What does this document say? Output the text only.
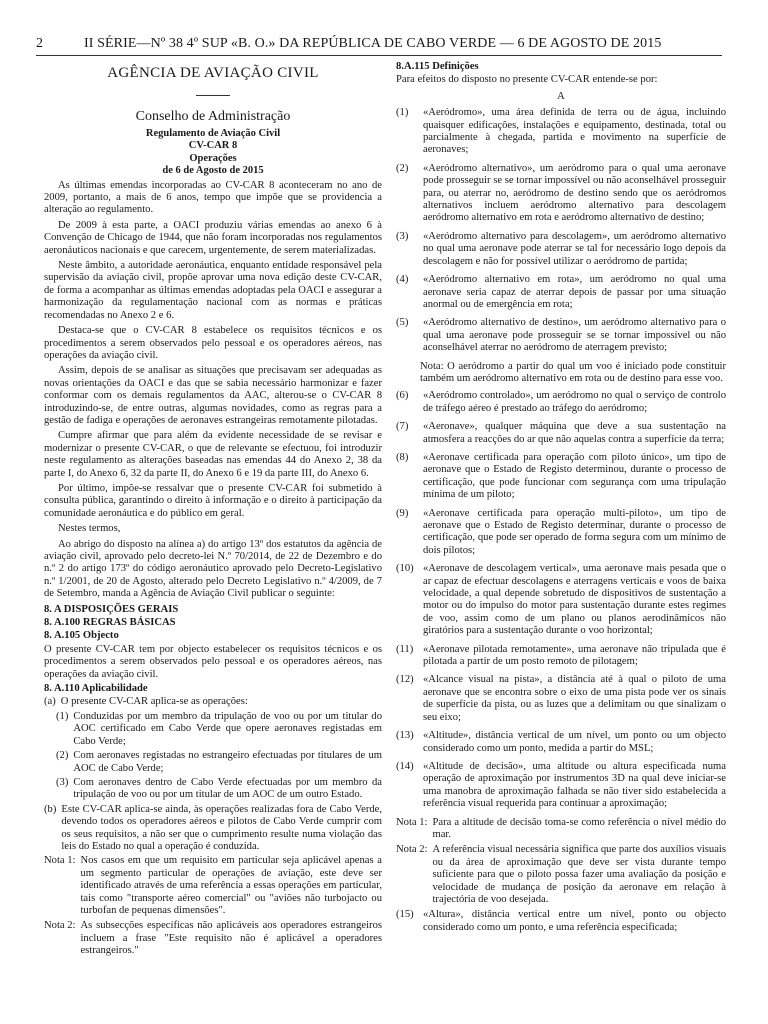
2	II SÉRIE—Nº 38 4º SUP «B. O.» DA REPÚBLICA DE CABO VERDE — 6 DE AGOSTO DE 2015
AGÊNCIA DE AVIAÇÃO CIVIL
Conselho de Administração
Regulamento de Aviação Civil
CV-CAR 8
Operações
de 6 de Agosto de 2015

As últimas emendas incorporadas ao CV-CAR 8 aconteceram no ano de 2009, portanto, a mais de 6 anos, tempo que impõe que se providencia a alteração ao regulamento.

De 2009 à esta parte, a OACI produziu várias emendas ao anexo 6 à Convenção de Chicago de 1944, que não foram incorporadas nos regulamentos aeronáuticos nacionais e que carecem, urgentemente, de serem materializadas.

Neste âmbito, a autoridade aeronáutica, enquanto entidade responsável pela supervisão da aviação civil, propõe aprovar uma nova edição deste CV-CAR, de forma a acompanhar as últimas emendas adoptadas pela OACI e assegurar a harmonização da regulamentação nacional com as normas e práticas recomendadas no Anexo 2 e 6.

Destaca-se que o CV-CAR 8 estabelece os requisitos técnicos e os procedimentos a serem observados pelo pessoal e os operadores aéreos, nas operações da aviação civil.

Assim, depois de se analisar as situações que precisavam ser adequadas as novas orientações da OACI e das que se sabia necessário harmonizar e fazer conformar com os demais regulamentos da AAC, alterou-se o CV-CAR 8 introduzindo-se, de entre outras, algumas novidades, como as regras para a gestão de fadiga e operações de aeronaves estrangeiras remotamente pilotadas.

Cumpre afirmar que para além da evidente necessidade de se revisar e modernizar o presente CV-CAR, o que de relevante se efectuou, foi introduzir neste regulamento as alterações baseadas nas emendas 44 do Anexo 2, 38 da parte I, do Anexo 6, 32 da parte II, do Anexo 6 e 19 da parte III, do Anexo 6.

Por último, impõe-se ressalvar que o presente CV-CAR foi submetido à consulta pública, garantindo o direito à informação e o direito à participação da comunidade aeronáutica e do público em geral.

Nestes termos,

Ao abrigo do disposto na alínea a) do artigo 13º dos estatutos da agência de aviação civil, aprovado pelo decreto-lei N.º 70/2014, de 22 de Dezembro e do n.º 2 do artigo 173º do código aeronáutico aprovado pelo Decreto-Legislativo n.º 1/2001, de 20 de Agosto, alterado pelo Decreto Legislativo n.º 4/2009, de 7 de Setembro, manda a Agência de Aviação Civil publicar o seguinte:

8. A DISPOSIÇÕES GERAIS
8. A.100 REGRAS BÁSICAS
8. A.105 Objecto

O presente CV-CAR tem por objecto estabelecer os requisitos técnicos e os procedimentos a serem observados pelo pessoal e os operadores aéreos, nas operações da aviação civil.

8. A.110 Aplicabilidade
(a) O presente CV-CAR aplica-se as operações:
(1) Conduzidas por um membro da tripulação de voo ou por um titular do AOC certificado em Cabo Verde que opere aeronaves registadas em Cabo Verde;
(2) Com aeronaves registadas no estrangeiro efectuadas por titulares de um AOC de Cabo Verde;
(3) Com aeronaves dentro de Cabo Verde efectuadas por um membro da tripulação de voo ou por um titular de um AOC de um outro Estado.
(b) Este CV-CAR aplica-se ainda, às operações realizadas fora de Cabo Verde, devendo todos os operadores aéreos e pilotos de Cabo Verde cumprir com os seus requisitos, a não ser que o cumprimento resulte numa violação das leis do Estado no qual a operação é conduzida.
Nota 1: Nos casos em que um requisito em particular seja aplicável apenas a um segmento particular de operações de aviação, este deve ser identificado através de uma referência a essas operações em particular, tais como "transporte aéreo comercial" ou "aviões não turbojacto ou turbofan de pequenas dimensões".
Nota 2: As subsecções específicas não aplicáveis aos operadores estrangeiros incluem a frase "Este requisito não é aplicável a operadores estrangeiros."
8.A.115 Definições

Para efeitos do disposto no presente CV-CAR entende-se por:

A
(1)	«Aeródromo», uma área definida de terra ou de água, incluindo quaisquer edificações, instalações e equipamento, destinada, total ou parcialmente à chegada, partida e movimento na superfície de aeronaves;
(2)	«Aeródromo alternativo», um aeródromo para o qual uma aeronave pode prosseguir se se tornar impossível ou não aconselhável prosseguir para, ou aterrar no, aeródromo de destino sendo que os aeródromos alternativos incluem aeródromo alternativo para descolagem aeródromo alternativo em rota e aeródromo alternativo de destino;
(3)	«Aeródromo alternativo para descolagem», um aeródromo alternativo no qual uma aeronave pode aterrar se tal for necessário logo depois da descolagem e não for possível utilizar o aeródromo de partida;
(4)	«Aeródromo alternativo em rota», um aeródromo no qual uma aeronave seria capaz de aterrar depois de passar por uma situação anormal ou de emergência em rota;
(5)	«Aeródromo alternativo de destino», um aeródromo alternativo para o qual uma aeronave pode prosseguir se se tornar impossível ou não aconselhável aterrar no aeródromo de aterragem previsto;

Nota: O aeródromo a partir do qual um voo é iniciado pode constituir também um aeródromo alternativo em rota ou de destino para esse voo.

(6)	«Aeródromo controlado», um aeródromo no qual o serviço de controlo de tráfego aéreo é prestado ao tráfego do aeródromo;
(7)	«Aeronave», qualquer máquina que deve a sua sustentação na atmosfera a reacções do ar que não aquelas contra a superfície da terra;
(8)	«Aeronave certificada para operação com piloto único», um tipo de aeronave que o Estado de Registo determinou, durante o processo de certificação, que pode funcionar com segurança com uma tripulação mínima de um piloto;
(9)	«Aeronave certificada para operação multi-piloto», um tipo de aeronave que o Estado de Registo determinar, durante o processo de certificação, que pode ser operado de forma segura com um mínimo de dois pilotos;
(10) «Aeronave de descolagem vertical», uma aeronave mais pesada que o ar capaz de efectuar descolagens e aterragens verticais e voos de baixa velocidade, a qual depende sobretudo de dispositivos de sustentação a motor ou do impulso do motor para sustentação durante estes regimes de voo, assim como de um plano ou planos aerodinâmicos não giratórios para a sustentação durante o voo horizontal;
(11) «Aeronave pilotada remotamente», uma aeronave não tripulada que é pilotada a partir de um posto remoto de pilotagem;
(12) «Alcance visual na pista», a distância até à qual o piloto de uma aeronave que se encontra sobre o eixo de uma pista pode ver os sinais de superfície da pista, ou as luzes que a delimitam ou que sinalizam o seu eixo;
(13) «Altitude», distância vertical de um nível, um ponto ou um objecto considerado como um ponto, medida a partir do MSL;
(14) «Altitude de decisão», uma altitude ou altura especificada numa operação de aproximação por instrumentos 3D na qual deve iniciar-se uma manobra de aproximação falhada se não tiver sido estabelecida a referência visual requerida para continuar a aproximação;
Nota 1: Para a altitude de decisão toma-se como referência o nível médio do mar.
Nota 2: A referência visual necessária significa que parte dos auxílios visuais ou da área de aproximação que deve ser vista durante tempo suficiente para que o piloto possa fazer uma avaliação da posição e velocidade de mudança de posição da aeronave em relação à trajectória de voo desejada.
(15) «Altura», distância vertical entre um nível, ponto ou objecto considerado como um ponto, e uma referência especificada;
